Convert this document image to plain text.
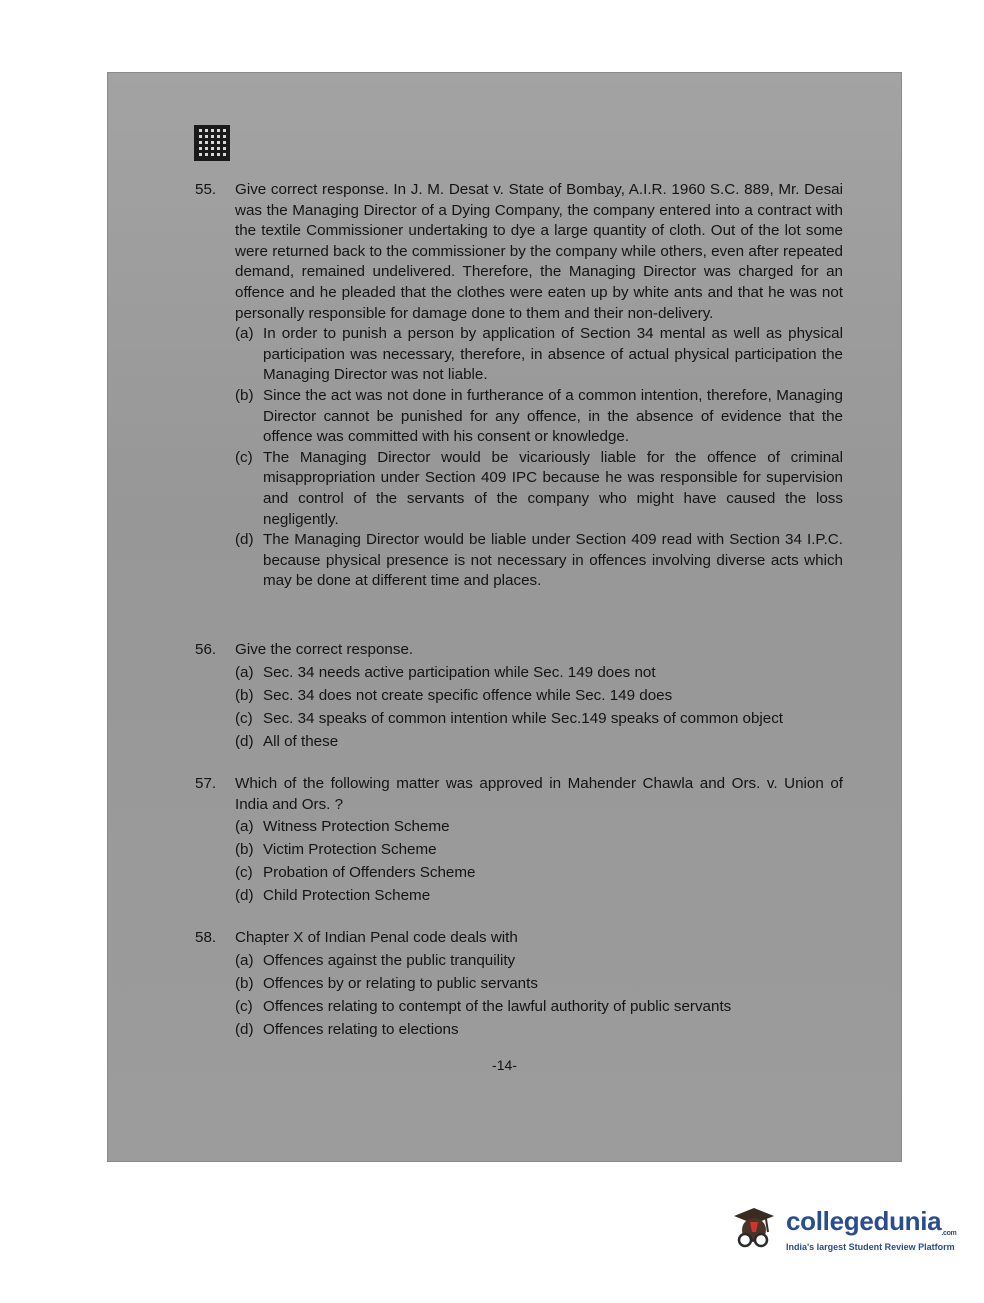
55. Give correct response. In J. M. Desat v. State of Bombay, A.I.R. 1960 S.C. 889, Mr. Desai was the Managing Director of a Dying Company, the company entered into a contract with the textile Commissioner undertaking to dye a large quantity of cloth. Out of the lot some were returned back to the commissioner by the company while others, even after repeated demand, remained undelivered. Therefore, the Managing Director was charged for an offence and he pleaded that the clothes were eaten up by white ants and that he was not personally responsible for damage done to them and their non-delivery.
(a) In order to punish a person by application of Section 34 mental as well as physical participation was necessary, therefore, in absence of actual physical participation the Managing Director was not liable.
(b) Since the act was not done in furtherance of a common intention, therefore, Managing Director cannot be punished for any offence, in the absence of evidence that the offence was committed with his consent or knowledge.
(c) The Managing Director would be vicariously liable for the offence of criminal misappropriation under Section 409 IPC because he was responsible for supervision and control of the servants of the company who might have caused the loss negligently.
(d) The Managing Director would be liable under Section 409 read with Section 34 I.P.C. because physical presence is not necessary in offences involving diverse acts which may be done at different time and places.
56. Give the correct response.
(a) Sec. 34 needs active participation while Sec. 149 does not
(b) Sec. 34 does not create specific offence while Sec. 149 does
(c) Sec. 34 speaks of common intention while Sec.149 speaks of common object
(d) All of these
57. Which of the following matter was approved in Mahender Chawla and Ors. v. Union of India and Ors. ?
(a) Witness Protection Scheme
(b) Victim Protection Scheme
(c) Probation of Offenders Scheme
(d) Child Protection Scheme
58. Chapter X of Indian Penal code deals with
(a) Offences against the public tranquility
(b) Offences by or relating to public servants
(c) Offences relating to contempt of the lawful authority of public servants
(d) Offences relating to elections
-14-
collegedunia.com
India's largest Student Review Platform
